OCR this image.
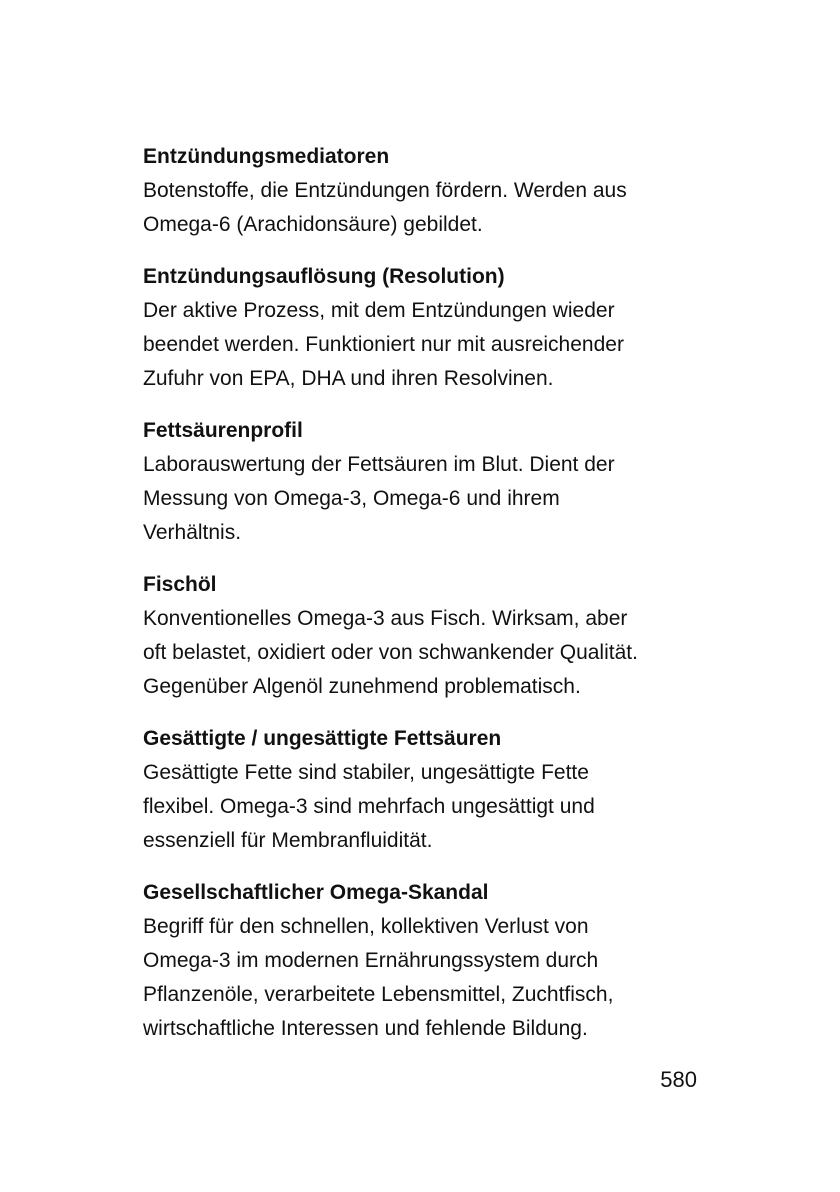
Entzündungsmediatoren

Botenstoffe, die Entzündungen fördern. Werden aus
Omega-6 (Arachidonsäure) gebildet.

Entzündungsauflösung (Resolution)

Der aktive Prozess, mit dem Entzündungen wieder
beendet werden. Funktioniert nur mit ausreichender
Zufuhr von EPA, DHA und ihren Resolvinen.

Fettsäurenprofil

Laborauswertung der Fettsäuren im Blut. Dient der
Messung von Omega-3, Omega-6 und ihrem
Verhältnis.

Fischöl

Konventionelles Omega-3 aus Fisch. Wirksam, aber
oft belastet, oxidiert oder von schwankender Qualität.
Gegenüber Algenöl zunehmend problematisch.

Gesättigte / ungesättigte Fettsäuren

Gesättigte Fette sind stabiler, ungesättigte Fette
flexibel. Omega-3 sind mehrfach ungesättigt und
essenziell für Membranfluidität.

Gesellschaftlicher Omega-Skandal

Begriff für den schnellen, kollektiven Verlust von
Omega-3 im modernen Ernährungssystem durch
Pflanzenöle, verarbeitete Lebensmittel, Zuchtfisch,
wirtschaftliche Interessen und fehlende Bildung.

580
